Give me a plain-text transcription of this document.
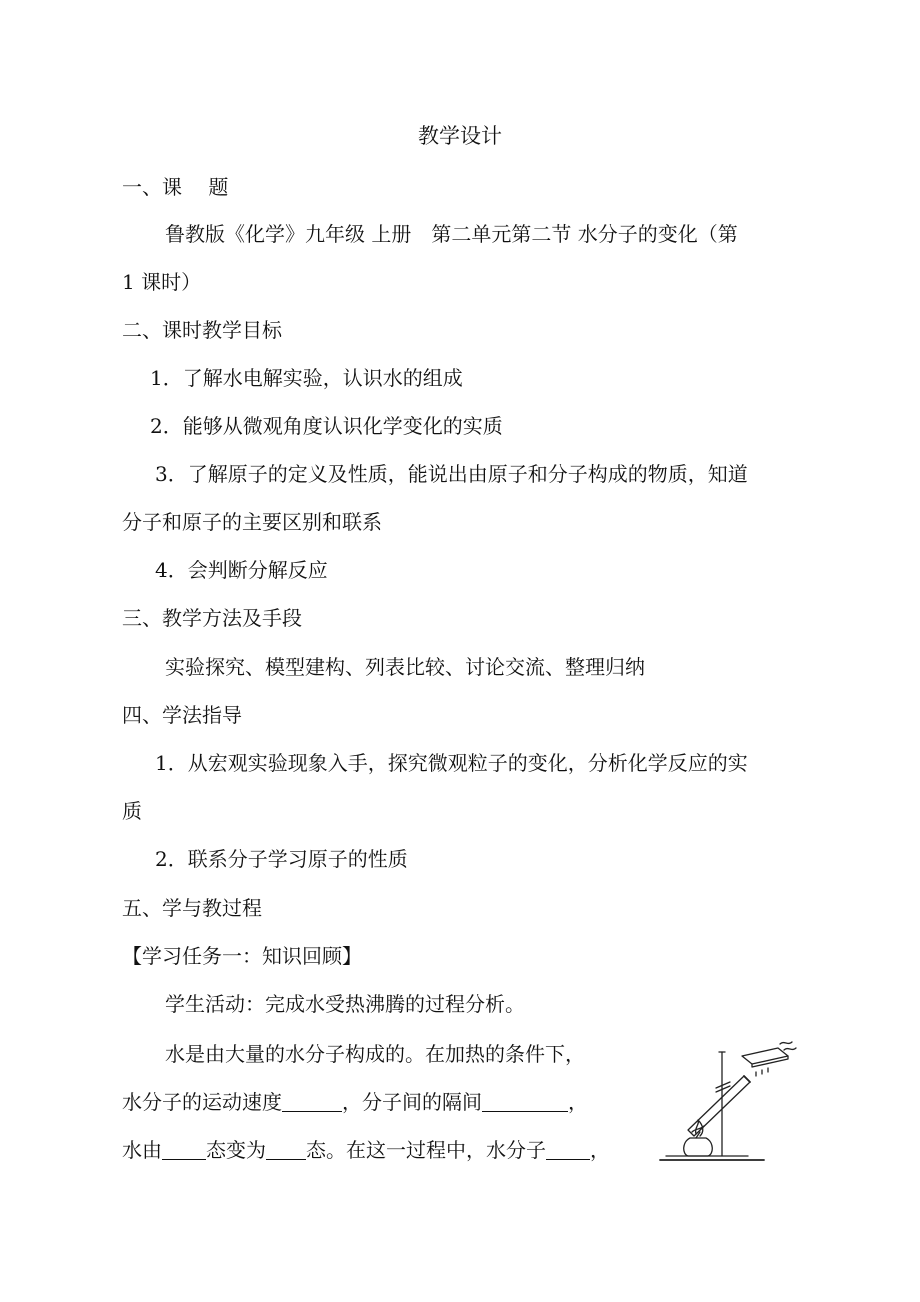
教学设计
一、课　 题
鲁教版《化学》九年级 上册　第二单元第二节 水分子的变化（第
1 课时）
二、课时教学目标
1．了解水电解实验，认识水的组成
2．能够从微观角度认识化学变化的实质
3．了解原子的定义及性质，能说出由原子和分子构成的物质，知道
分子和原子的主要区别和联系
4．会判断分解反应
三、教学方法及手段
实验探究、模型建构、列表比较、讨论交流、整理归纳
四、学法指导
1．从宏观实验现象入手，探究微观粒子的变化，分析化学反应的实
质
2．联系分子学习原子的性质
五、学与教过程
【学习任务一：知识回顾】
学生活动：完成水受热沸腾的过程分析。
水是由大量的水分子构成的。在加热的条件下，
水分子的运动速度	，分子间的隔间	，
水由 态变为 态。在这一过程中，水分子 ，
